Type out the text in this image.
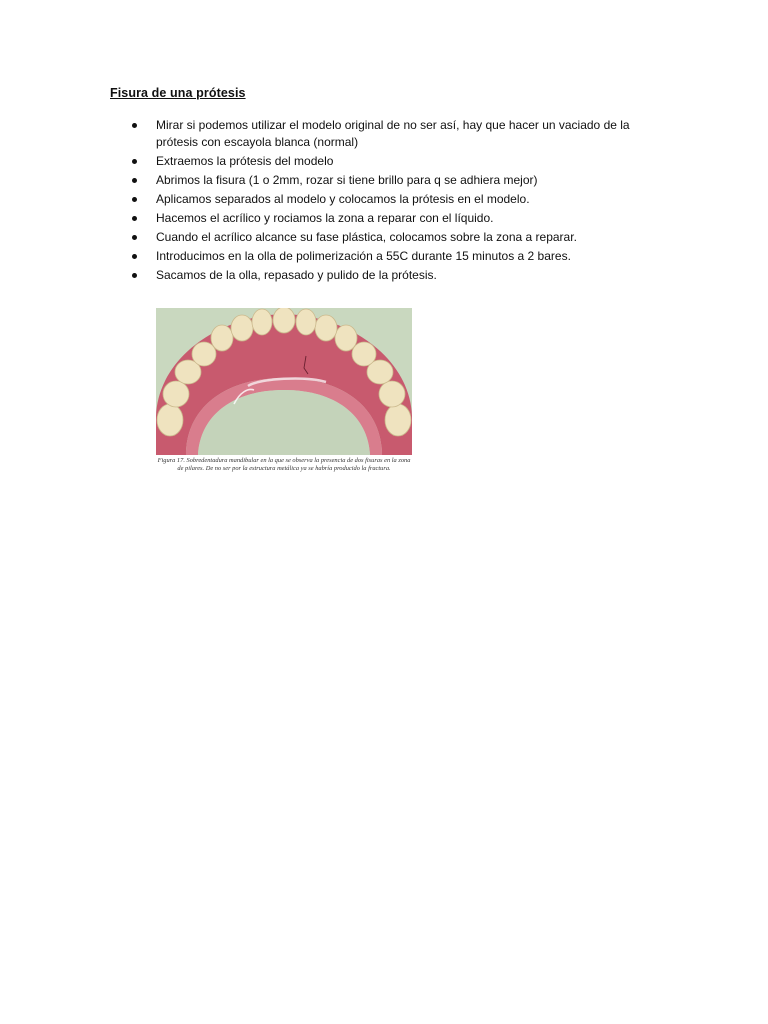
Fisura de una prótesis
Mirar si podemos utilizar el modelo original de no ser así, hay que hacer un vaciado de la prótesis con escayola blanca (normal)
Extraemos la prótesis del modelo
Abrimos la fisura (1 o 2mm, rozar si tiene brillo para q se adhiera mejor)
Aplicamos separados al modelo y colocamos la prótesis en el modelo.
Hacemos el acrílico y rociamos la zona a reparar con el líquido.
Cuando el acrílico alcance su fase plástica, colocamos sobre la zona a reparar.
Introducimos en la olla de polimerización a 55C durante 15 minutos a 2 bares.
Sacamos de la olla, repasado y pulido de la prótesis.
Figura 17. Sobredentadura mandibular en la que se observa la presencia de dos fisuras en la zona de pilares. De no ser por la estructura metálica ya se habría producido la fractura.
